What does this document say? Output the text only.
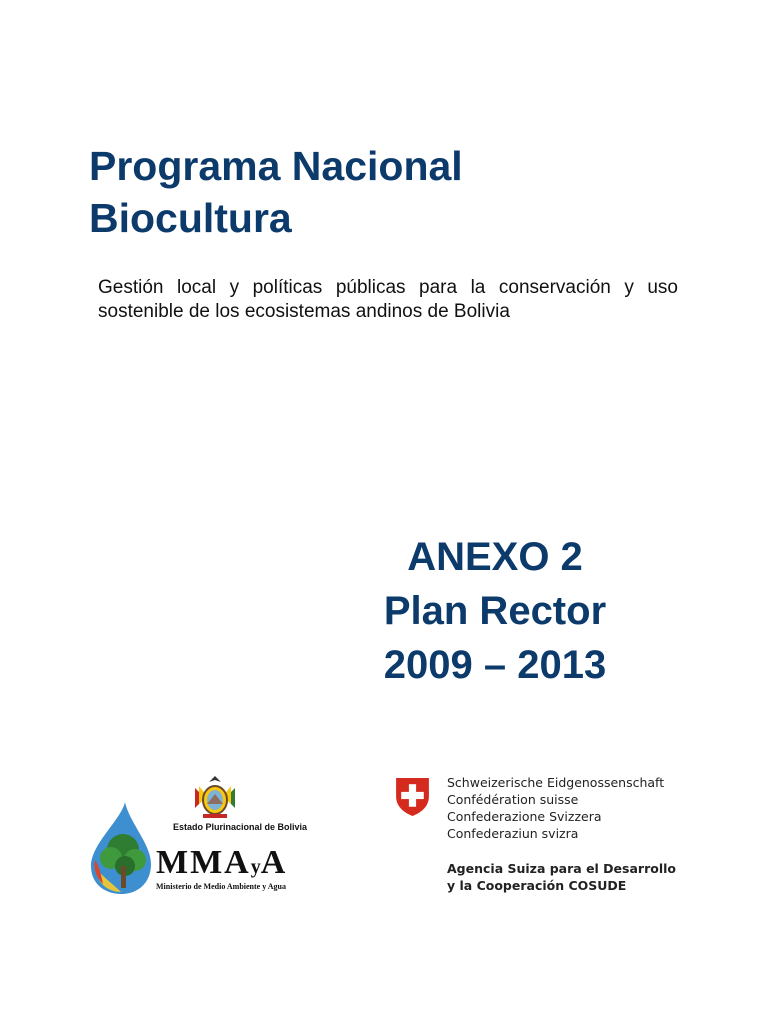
Programa Nacional
Biocultura

Gestión local y políticas públicas para la conservación y uso sostenible de los ecosistemas andinos de Bolivia

ANEXO 2
Plan Rector
2009 – 2013
Estado Plurinacional de Bolivia
MMAyA
Ministerio de Medio Ambiente y Agua

Schweizerische Eidgenossenschaft
Confédération suisse
Confederazione Svizzera
Confederaziun svizra

Agencia Suiza para el Desarrollo
y la Cooperación COSUDE
